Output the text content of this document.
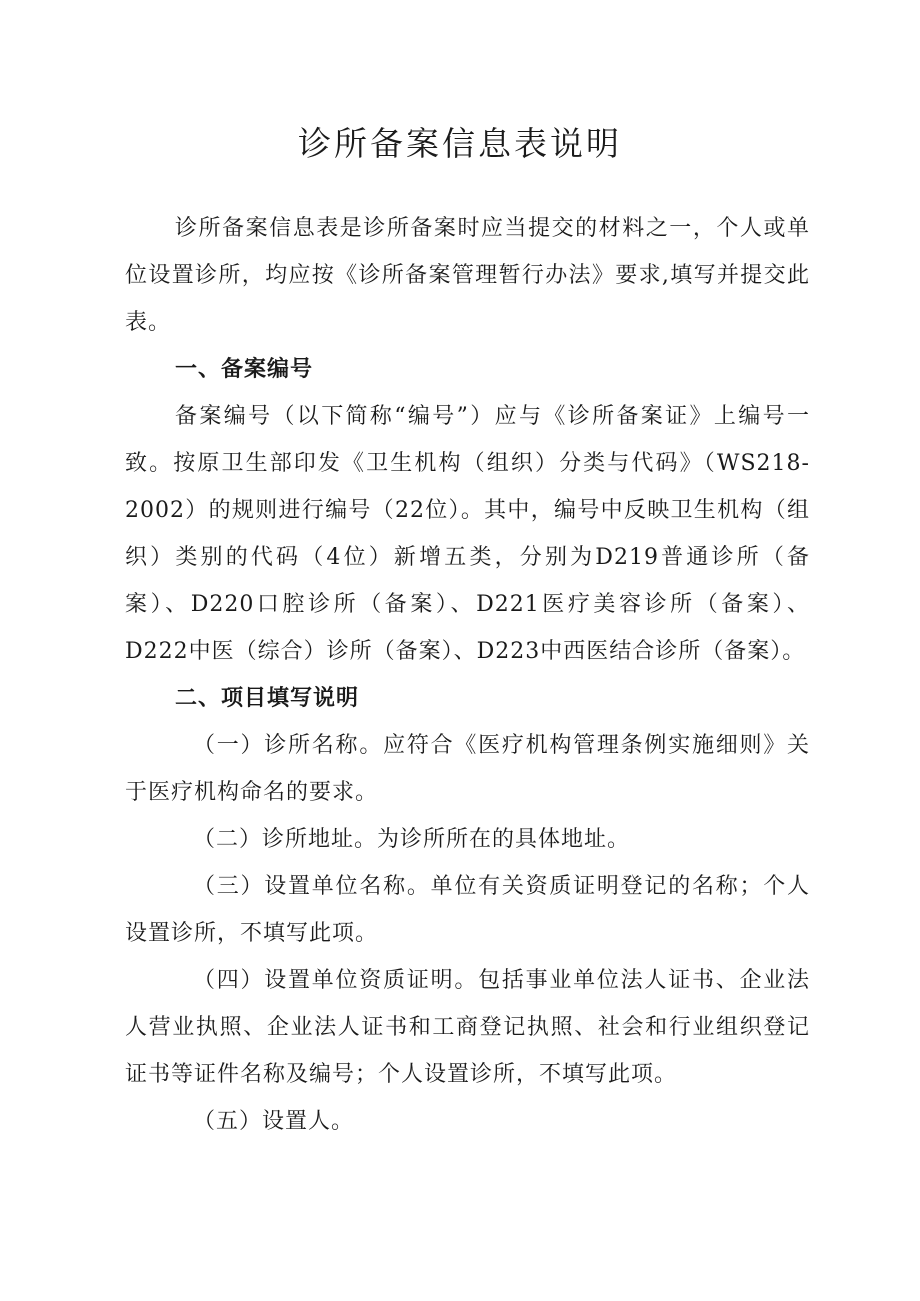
诊所备案信息表说明

诊所备案信息表是诊所备案时应当提交的材料之一，个人或单位设置诊所，均应按《诊所备案管理暂行办法》要求,填写并提交此表。

一、备案编号

备案编号（以下简称“编号”）应与《诊所备案证》上编号一致。按原卫生部印发《卫生机构（组织）分类与代码》（WS218-2002）的规则进行编号（22位）。其中，编号中反映卫生机构（组织）类别的代码（4位）新增五类，分别为D219普通诊所（备案）、D220口腔诊所（备案）、D221医疗美容诊所（备案）、D222中医（综合）诊所（备案）、D223中西医结合诊所（备案）。

二、项目填写说明

（一）诊所名称。应符合《医疗机构管理条例实施细则》关于医疗机构命名的要求。

（二）诊所地址。为诊所所在的具体地址。

（三）设置单位名称。单位有关资质证明登记的名称；个人设置诊所，不填写此项。

（四）设置单位资质证明。包括事业单位法人证书、企业法人营业执照、企业法人证书和工商登记执照、社会和行业组织登记证书等证件名称及编号；个人设置诊所，不填写此项。

（五）设置人。
